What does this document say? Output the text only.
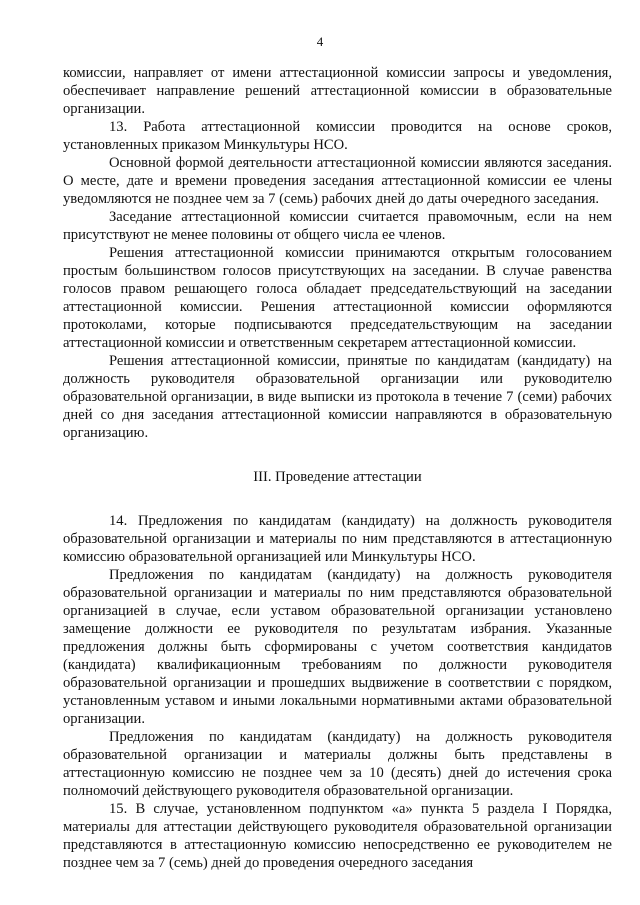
4

комиссии, направляет от имени аттестационной комиссии запросы и уведомления, обеспечивает направление решений аттестационной комиссии в образовательные организации.

13. Работа аттестационной комиссии проводится на основе сроков, установленных приказом Минкультуры НСО.

Основной формой деятельности аттестационной комиссии являются заседания. О месте, дате и времени проведения заседания аттестационной комиссии ее члены уведомляются не позднее чем за 7 (семь) рабочих дней до даты очередного заседания.

Заседание аттестационной комиссии считается правомочным, если на нем присутствуют не менее половины от общего числа ее членов.

Решения аттестационной комиссии принимаются открытым голосованием простым большинством голосов присутствующих на заседании. В случае равенства голосов правом решающего голоса обладает председательствующий на заседании аттестационной комиссии. Решения аттестационной комиссии оформляются протоколами, которые подписываются председательствующим на заседании аттестационной комиссии и ответственным секретарем аттестационной комиссии.

Решения аттестационной комиссии, принятые по кандидатам (кандидату) на должность руководителя образовательной организации или руководителю образовательной организации, в виде выписки из протокола в течение 7 (семи) рабочих дней со дня заседания аттестационной комиссии направляются в образовательную организацию.

III. Проведение аттестации

14. Предложения по кандидатам (кандидату) на должность руководителя образовательной организации и материалы по ним представляются в аттестационную комиссию образовательной организацией или Минкультуры НСО.

Предложения по кандидатам (кандидату) на должность руководителя образовательной организации и материалы по ним представляются образовательной организацией в случае, если уставом образовательной организации установлено замещение должности ее руководителя по результатам избрания. Указанные предложения должны быть сформированы с учетом соответствия кандидатов (кандидата) квалификационным требованиям по должности руководителя образовательной организации и прошедших выдвижение в соответствии с порядком, установленным уставом и иными локальными нормативными актами образовательной организации.

Предложения по кандидатам (кандидату) на должность руководителя образовательной организации и материалы должны быть представлены в аттестационную комиссию не позднее чем за 10 (десять) дней до истечения срока полномочий действующего руководителя образовательной организации.

15. В случае, установленном подпунктом «а» пункта 5 раздела I Порядка, материалы для аттестации действующего руководителя образовательной организации представляются в аттестационную комиссию непосредственно ее руководителем не позднее чем за 7 (семь) дней до проведения очередного заседания
